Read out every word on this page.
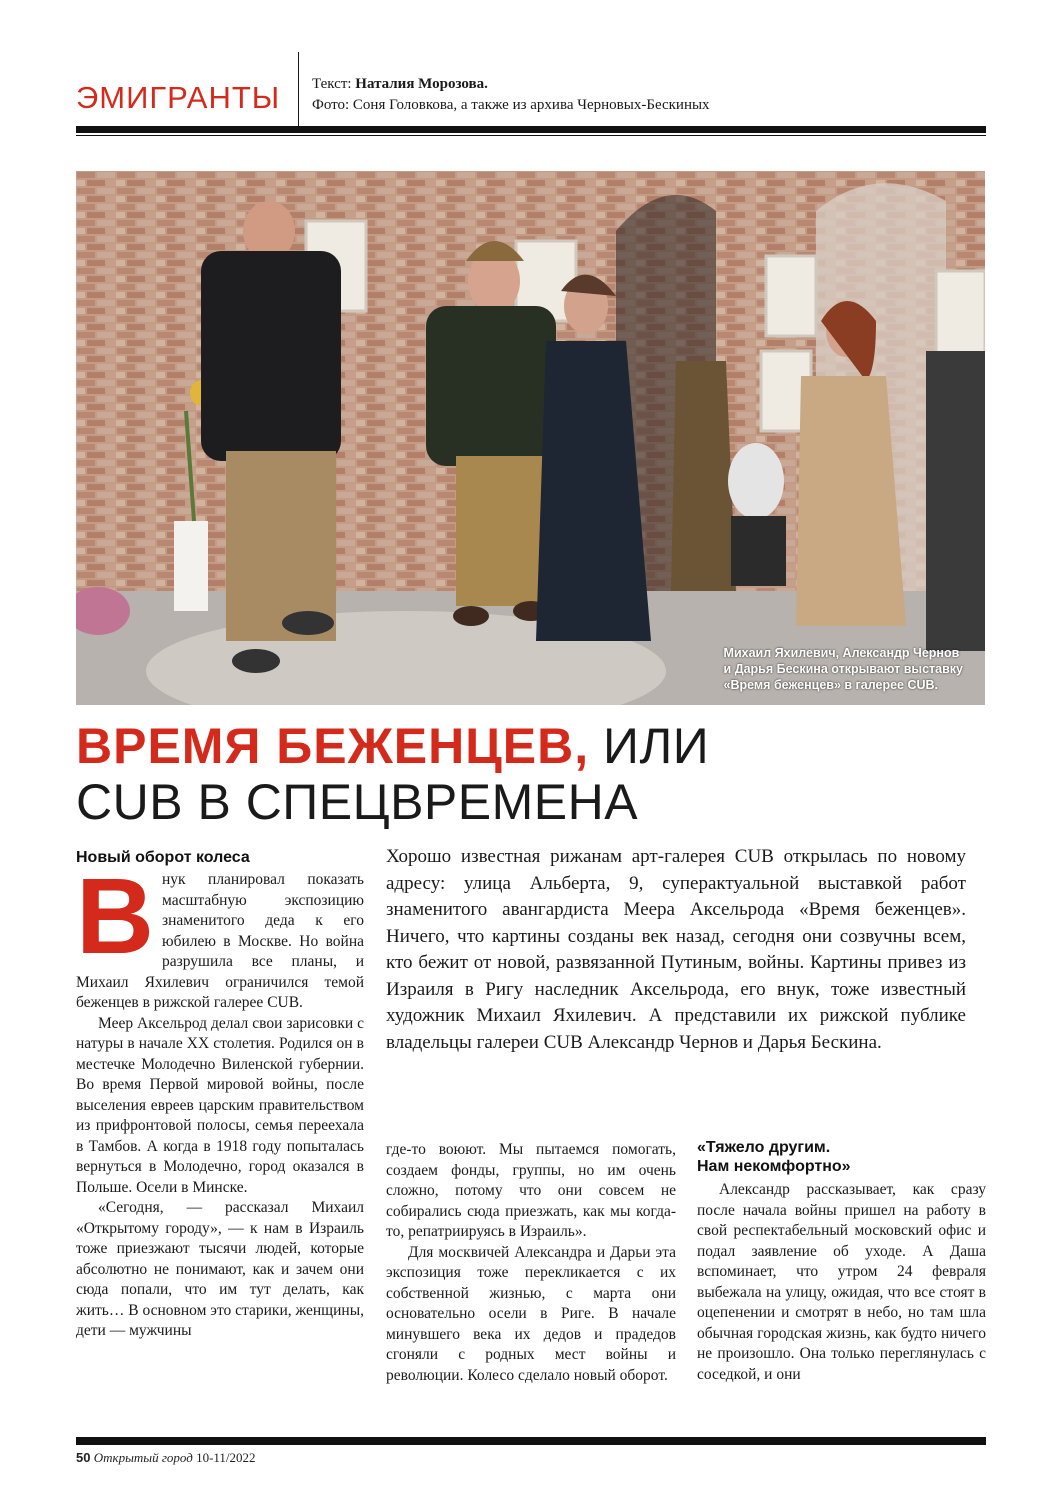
ЭМИГРАНТЫ Текст: Наталия Морозова.
Фото: Соня Головкова, а также из архива Черновых-Бескиных
Михаил Яхилевич, Александр Чернов
и Дарья Бескина открывают выставку
«Время беженцев» в галерее CUB.
ВРЕМЯ БЕЖЕНЦЕВ, ИЛИ
CUB В СПЕЦВРЕМЕНА
Новый оборот колеса

Внук планировал показать масштабную экспозицию знаменитого деда к его юбилею в Москве. Но война разрушила все планы, и Михаил Яхилевич ограничился темой беженцев в рижской галерее CUB.

Меер Аксельрод делал свои зарисовки с натуры в начале XX столетия. Родился он в местечке Молодечно Виленской губернии. Во время Первой мировой войны, после выселения евреев царским правительством из прифронтовой полосы, семья переехала в Тамбов. А когда в 1918 году попыталась вернуться в Молодечно, город оказался в Польше. Осели в Минске.

«Сегодня, — рассказал Михаил «Открытому городу», — к нам в Израиль тоже приезжают тысячи людей, которые абсолютно не понимают, как и зачем они сюда попали, что им тут делать, как жить… В основном это старики, женщины, дети — мужчины

Хорошо известная рижанам арт-галерея CUB открылась по новому адресу: улица Альберта, 9, суперактуальной выставкой работ знаменитого авангардиста Меера Аксельрода «Время беженцев». Ничего, что картины созданы век назад, сегодня они созвучны всем, кто бежит от новой, развязанной Путиным, войны. Картины привез из Израиля в Ригу наследник Аксельрода, его внук, тоже известный художник Михаил Яхилевич. А представили их рижской публике владельцы галереи CUB Александр Чернов и Дарья Бескина.

где-то воюют. Мы пытаемся помогать, создаем фонды, группы, но им очень сложно, потому что они совсем не собирались сюда приезжать, как мы когда-то, репатриируясь в Израиль».

Для москвичей Александра и Дарьи эта экспозиция тоже перекликается с их собственной жизнью, с марта они основательно осели в Риге. В начале минувшего века их дедов и прадедов сгоняли с родных мест войны и революции. Колесо сделало новый оборот.

«Тяжело другим.
Нам некомфортно»

Александр рассказывает, как сразу после начала войны пришел на работу в свой респектабельный московский офис и подал заявление об уходе. А Даша вспоминает, что утром 24 февраля выбежала на улицу, ожидая, что все стоят в оцепенении и смотрят в небо, но там шла обычная городская жизнь, как будто ничего не произошло. Она только переглянулась с соседкой, и они

50 Открытый город 10-11/2022
